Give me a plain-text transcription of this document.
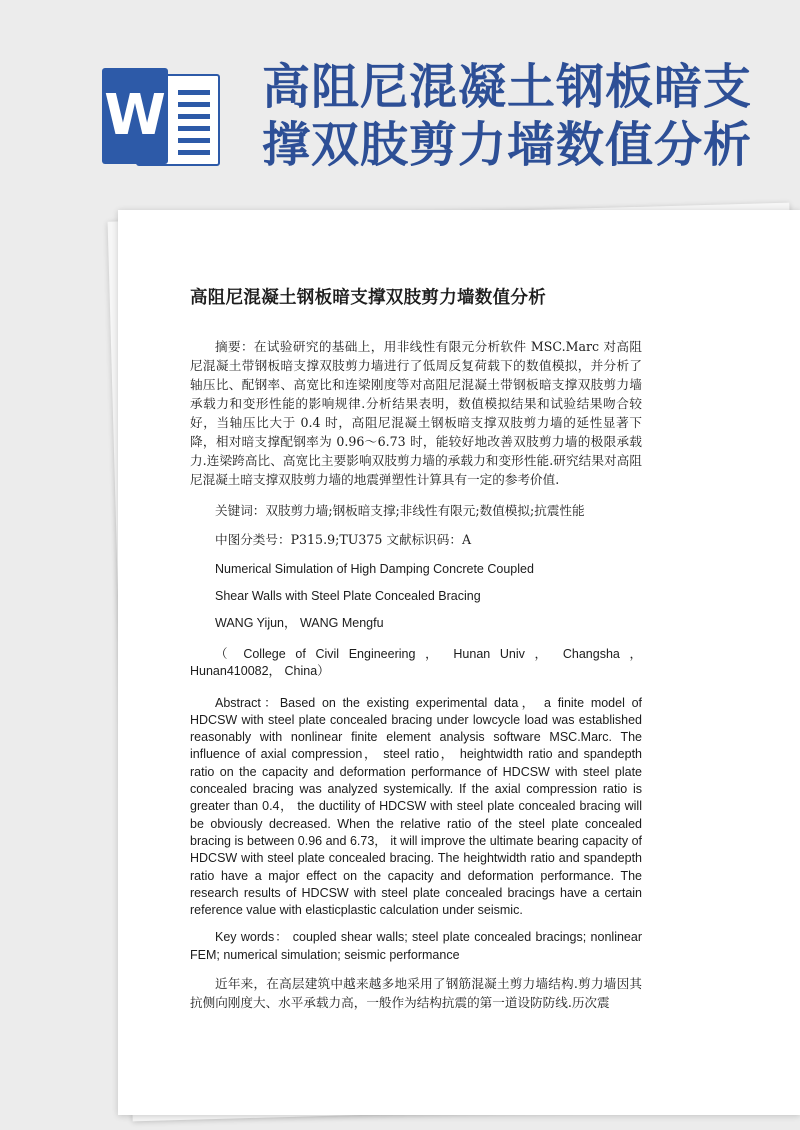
W 高阻尼混凝土钢板暗支撑双肢剪力墙数值分析
高阻尼混凝土钢板暗支撑双肢剪力墙数值分析

摘要：在试验研究的基础上，用非线性有限元分析软件 MSC.Marc 对高阻尼混凝土带钢板暗支撑双肢剪力墙进行了低周反复荷载下的数值模拟，并分析了轴压比、配钢率、高宽比和连梁刚度等对高阻尼混凝土带钢板暗支撑双肢剪力墙承载力和变形性能的影响规律.分析结果表明，数值模拟结果和试验结果吻合较好，当轴压比大于 0.4 时，高阻尼混凝土钢板暗支撑双肢剪力墙的延性显著下降，相对暗支撑配钢率为 0.96～6.73 时，能较好地改善双肢剪力墙的极限承载力.连梁跨高比、高宽比主要影响双肢剪力墙的承载力和变形性能.研究结果对高阻尼混凝土暗支撑双肢剪力墙的地震弹塑性计算具有一定的参考价值.

关键词：双肢剪力墙;钢板暗支撑;非线性有限元;数值模拟;抗震性能
中图分类号：P315.9;TU375 文献标识码：A
Numerical Simulation of High Damping Concrete Coupled
Shear Walls with Steel Plate Concealed Bracing
WANG Yijun， WANG Mengfu

（ College of Civil Engineering ， Hunan Univ ， Changsha ，Hunan410082， China）

Abstract：Based on the existing experimental data， a finite model of HDCSW with steel plate concealed bracing under lowcycle load was established reasonably with nonlinear finite element analysis software MSC.Marc. The influence of axial compression， steel ratio， heightwidth ratio and spandepth ratio on the capacity and deformation performance of HDCSW with steel plate concealed bracing was analyzed systemically. If the axial compression ratio is greater than 0.4， the ductility of HDCSW with steel plate concealed bracing will be obviously decreased. When the relative ratio of the steel plate concealed bracing is between 0.96 and 6.73， it will improve the ultimate bearing capacity of HDCSW with steel plate concealed bracing. The heightwidth ratio and spandepth ratio have a major effect on the capacity and deformation performance. The research results of HDCSW with steel plate concealed bracings have a certain reference value with elasticplastic calculation under seismic.

Key words： coupled shear walls; steel plate concealed bracings; nonlinear FEM; numerical simulation; seismic performance

近年来，在高层建筑中越来越多地采用了钢筋混凝土剪力墙结构.剪力墙因其抗侧向刚度大、水平承载力高，一般作为结构抗震的第一道设防防线.历次震
